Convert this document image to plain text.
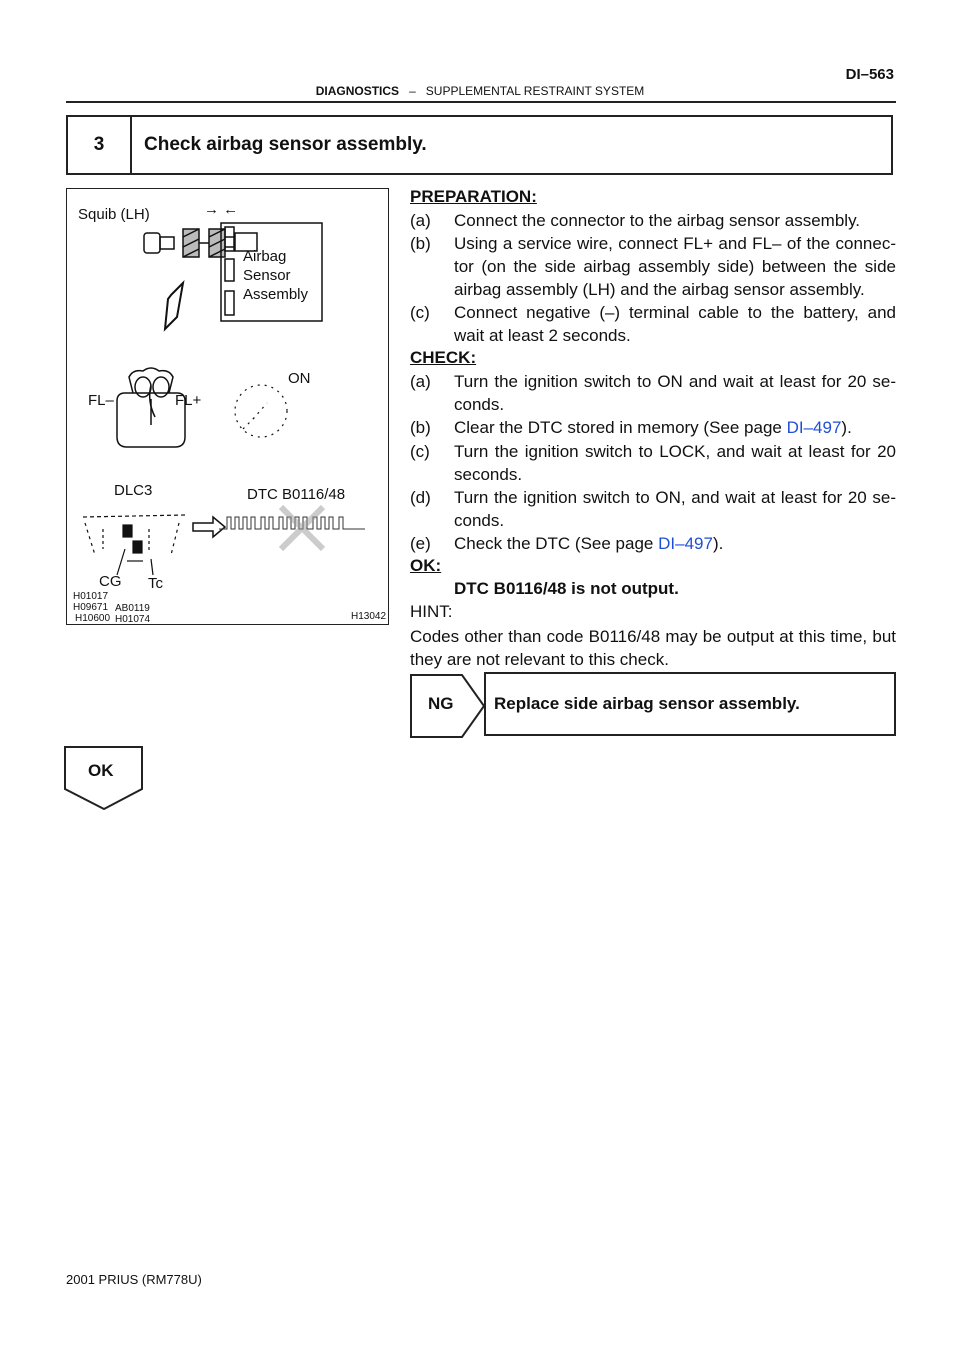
DI–563
DIAGNOSTICS – SUPPLEMENTAL RESTRAINT SYSTEM
3	Check airbag sensor assembly.
Squib (LH)	→ ←
Airbag
Sensor
Assembly
FL–	FL+
ON
DLC3	DTC B0116/48
CG Tc
H01017
H09671
H10600
AB0119
H01074	H13042
PREPARATION:
(a) Connect the connector to the airbag sensor assembly.
(b) Using a service wire, connect FL+ and FL– of the connec-tor (on the side airbag assembly side) between the side airbag assembly (LH) and the airbag sensor assembly.
(c) Connect negative (–) terminal cable to the battery, and wait at least 2 seconds.
CHECK:
(a) Turn the ignition switch to ON and wait at least for 20 se-conds.
(b) Clear the DTC stored in memory (See page DI–497).
(c) Turn the ignition switch to LOCK, and wait at least for 20 seconds.
(d) Turn the ignition switch to ON, and wait at least for 20 se-conds.
(e) Check the DTC (See page DI–497).
OK:
DTC B0116/48 is not output.
HINT:
Codes other than code B0116/48 may be output at this time, but they are not relevant to this check.
NG Replace side airbag sensor assembly.
OK
2001 PRIUS (RM778U)
